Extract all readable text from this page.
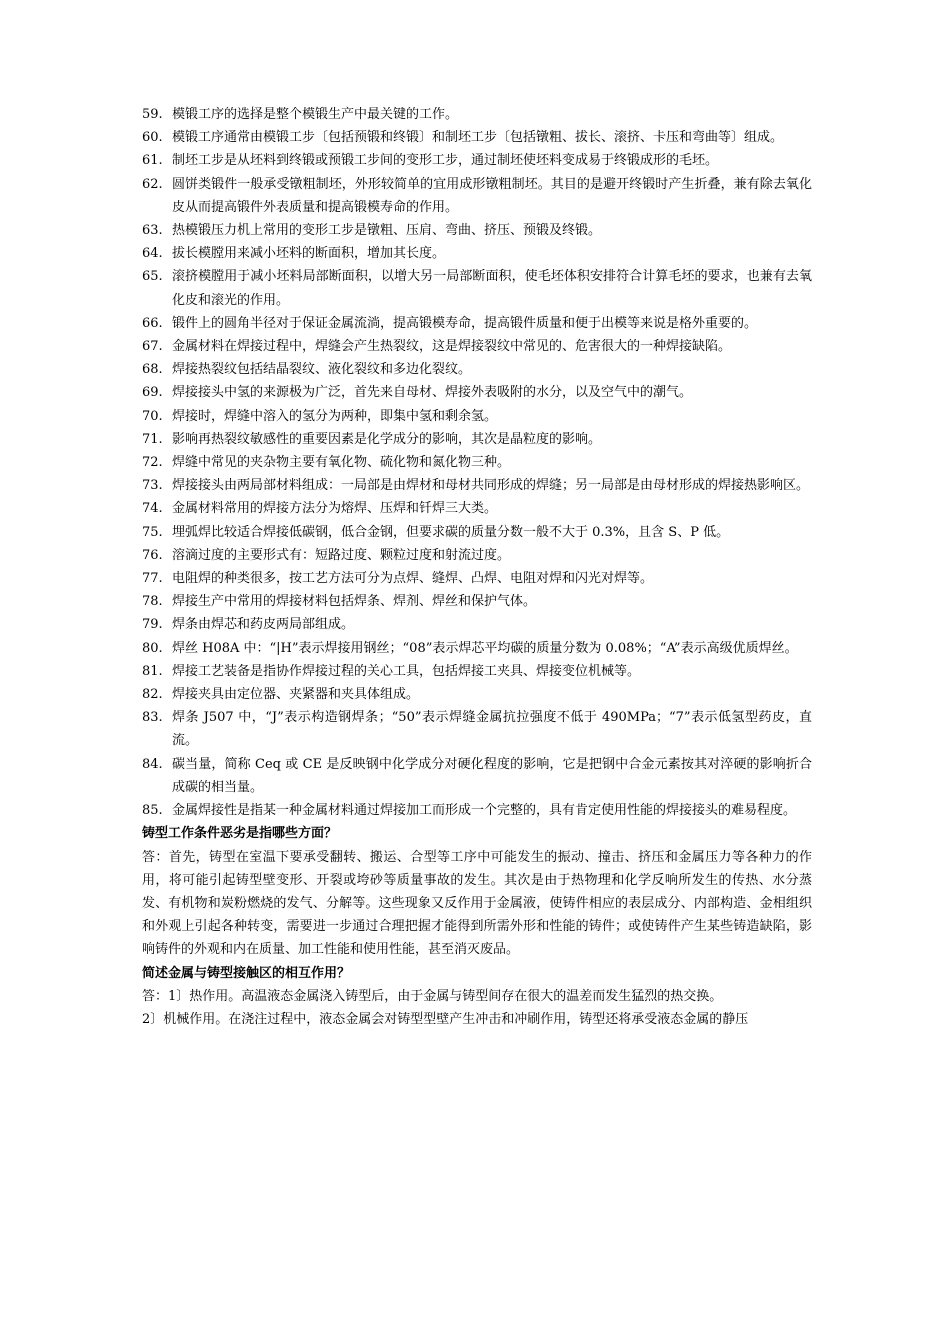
59. 模锻工序的选择是整个模锻生产中最关键的工作。
60. 模锻工序通常由模锻工步〔包括预锻和终锻〕和制坯工步〔包括镦粗、拔长、滚挤、卡压和弯曲等〕组成。
61. 制坯工步是从坯料到终锻或预锻工步间的变形工步，通过制坯使坯料变成易于终锻成形的毛坯。
62. 圆饼类锻件一般承受镦粗制坯，外形较简单的宜用成形镦粗制坯。其目的是避开终锻时产生折叠，兼有除去氧化皮从而提高锻件外表质量和提高锻模寿命的作用。
63. 热模锻压力机上常用的变形工步是镦粗、压肩、弯曲、挤压、预锻及终锻。
64. 拔长模膛用来减小坯料的断面积，增加其长度。
65. 滚挤模膛用于减小坯料局部断面积，以增大另一局部断面积，使毛坯体积安排符合计算毛坯的要求，也兼有去氧化皮和滚光的作用。
66. 锻件上的圆角半径对于保证金属流淌，提高锻模寿命，提高锻件质量和便于出模等来说是格外重要的。
67. 金属材料在焊接过程中，焊缝会产生热裂纹，这是焊接裂纹中常见的、危害很大的一种焊接缺陷。
68. 焊接热裂纹包括结晶裂纹、液化裂纹和多边化裂纹。
69. 焊接接头中氢的来源极为广泛，首先来自母材、焊接外表吸附的水分，以及空气中的潮气。
70. 焊接时，焊缝中溶入的氢分为两种，即集中氢和剩余氢。
71. 影响再热裂纹敏感性的重要因素是化学成分的影响，其次是晶粒度的影响。
72. 焊缝中常见的夹杂物主要有氧化物、硫化物和氮化物三种。
73. 焊接接头由两局部材料组成：一局部是由焊材和母材共同形成的焊缝；另一局部是由母材形成的焊接热影响区。
74. 金属材料常用的焊接方法分为熔焊、压焊和钎焊三大类。
75. 埋弧焊比较适合焊接低碳钢，低合金钢，但要求碳的质量分数一般不大于 0.3%，且含 S、P 低。
76. 溶滴过度的主要形式有：短路过度、颗粒过度和射流过度。
77. 电阻焊的种类很多，按工艺方法可分为点焊、缝焊、凸焊、电阻对焊和闪光对焊等。
78. 焊接生产中常用的焊接材料包括焊条、焊剂、焊丝和保护气体。
79. 焊条由焊芯和药皮两局部组成。
80. 焊丝 H08A 中：“|H”表示焊接用钢丝；“08”表示焊芯平均碳的质量分数为 0.08%；“A”表示高级优质焊丝。
81. 焊接工艺装备是指协作焊接过程的关心工具，包括焊接工夹具、焊接变位机械等。
82. 焊接夹具由定位器、夹紧器和夹具体组成。
83. 焊条 J507 中，“J”表示构造钢焊条；“50”表示焊缝金属抗拉强度不低于 490MPa；“7”表示低氢型药皮，直流。
84. 碳当量，简称 Ceq 或 CE 是反映钢中化学成分对硬化程度的影响，它是把钢中合金元素按其对淬硬的影响折合成碳的相当量。
85. 金属焊接性是指某一种金属材料通过焊接加工而形成一个完整的，具有肯定使用性能的焊接接头的难易程度。
铸型工作条件恶劣是指哪些方面？
答：首先，铸型在室温下要承受翻转、搬运、合型等工序中可能发生的振动、撞击、挤压和金属压力等各种力的作用，将可能引起铸型壁变形、开裂或垮砂等质量事故的发生。其次是由于热物理和化学反响所发生的传热、水分蒸发、有机物和炭粉燃烧的发气、分解等。这些现象又反作用于金属液，使铸件相应的表层成分、内部构造、金相组织和外观上引起各种转变，需要进一步通过合理把握才能得到所需外形和性能的铸件；或使铸件产生某些铸造缺陷，影响铸件的外观和内在质量、加工性能和使用性能，甚至消灭废品。
简述金属与铸型接触区的相互作用？
答：1〕热作用。高温液态金属浇入铸型后，由于金属与铸型间存在很大的温差而发生猛烈的热交换。
2〕机械作用。在浇注过程中，液态金属会对铸型型壁产生冲击和冲刷作用，铸型还将承受液态金属的静压
